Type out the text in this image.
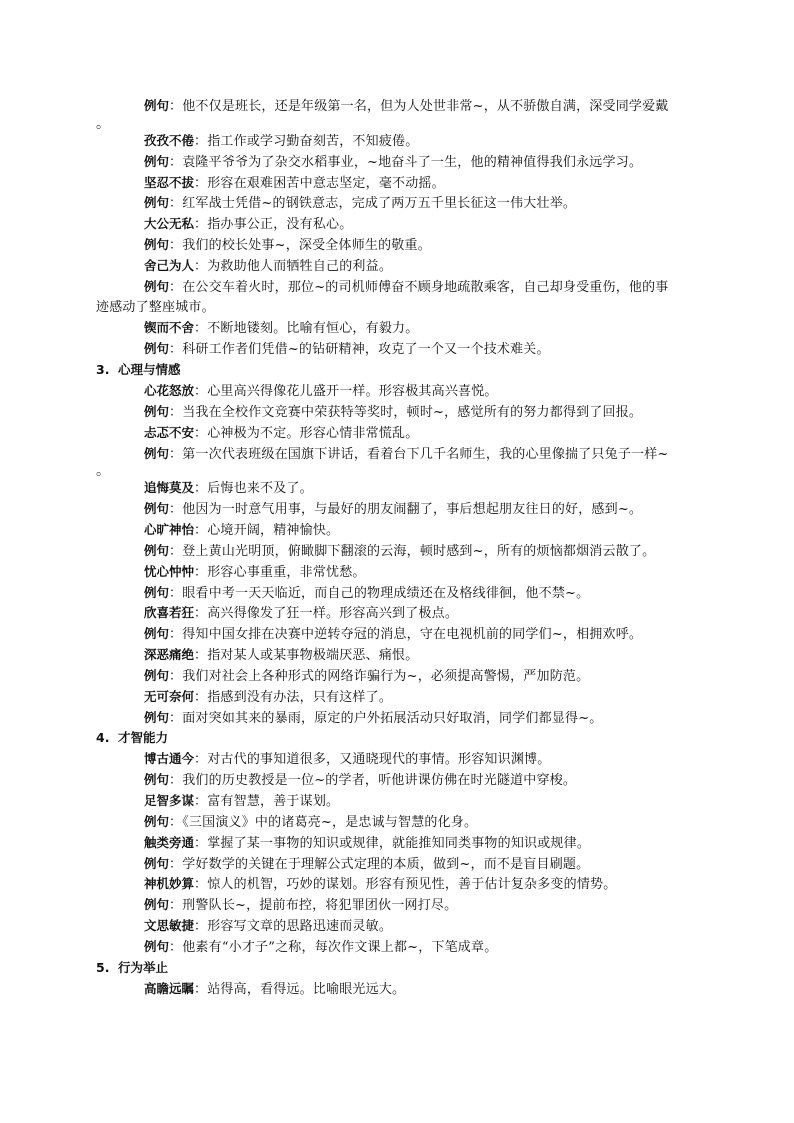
例句：他不仅是班长，还是年级第一名，但为人处世非常~，从不骄傲自满，深受同学爱戴
。
孜孜不倦：指工作或学习勤奋刻苦，不知疲倦。
例句：袁隆平爷爷为了杂交水稻事业，~地奋斗了一生，他的精神值得我们永远学习。
坚忍不拔：形容在艰难困苦中意志坚定，毫不动摇。
例句：红军战士凭借~的钢铁意志，完成了两万五千里长征这一伟大壮举。
大公无私：指办事公正，没有私心。
例句：我们的校长处事~，深受全体师生的敬重。
舍己为人：为救助他人而牺牲自己的利益。
例句：在公交车着火时，那位~的司机师傅奋不顾身地疏散乘客，自己却身受重伤，他的事
迹感动了整座城市。
锲而不舍：不断地镂刻。比喻有恒心，有毅力。
例句：科研工作者们凭借~的钻研精神，攻克了一个又一个技术难关。
3. 心理与情感
心花怒放：心里高兴得像花儿盛开一样。形容极其高兴喜悦。
例句：当我在全校作文竞赛中荣获特等奖时，顿时~，感觉所有的努力都得到了回报。
忐忑不安：心神极为不定。形容心情非常慌乱。
例句：第一次代表班级在国旗下讲话，看着台下几千名师生，我的心里像揣了只兔子一样~
。
追悔莫及：后悔也来不及了。
例句：他因为一时意气用事，与最好的朋友闹翻了，事后想起朋友往日的好，感到~。
心旷神怡：心境开阔，精神愉快。
例句：登上黄山光明顶，俯瞰脚下翻滚的云海，顿时感到~，所有的烦恼都烟消云散了。
忧心忡忡：形容心事重重，非常忧愁。
例句：眼看中考一天天临近，而自己的物理成绩还在及格线徘徊，他不禁~。
欣喜若狂：高兴得像发了狂一样。形容高兴到了极点。
例句：得知中国女排在决赛中逆转夺冠的消息，守在电视机前的同学们~，相拥欢呼。
深恶痛绝：指对某人或某事物极端厌恶、痛恨。
例句：我们对社会上各种形式的网络诈骗行为~，必须提高警惕，严加防范。
无可奈何：指感到没有办法，只有这样了。
例句：面对突如其来的暴雨，原定的户外拓展活动只好取消，同学们都显得~。
4. 才智能力
博古通今：对古代的事知道很多，又通晓现代的事情。形容知识渊博。
例句：我们的历史教授是一位~的学者，听他讲课仿佛在时光隧道中穿梭。
足智多谋：富有智慧，善于谋划。
例句：《三国演义》中的诸葛亮~，是忠诚与智慧的化身。
触类旁通：掌握了某一事物的知识或规律，就能推知同类事物的知识或规律。
例句：学好数学的关键在于理解公式定理的本质，做到~，而不是盲目刷题。
神机妙算：惊人的机智，巧妙的谋划。形容有预见性，善于估计复杂多变的情势。
例句：刑警队长~，提前布控，将犯罪团伙一网打尽。
文思敏捷：形容写文章的思路迅速而灵敏。
例句：他素有“小才子”之称，每次作文课上都~，下笔成章。
5. 行为举止
高瞻远瞩：站得高，看得远。比喻眼光远大。
